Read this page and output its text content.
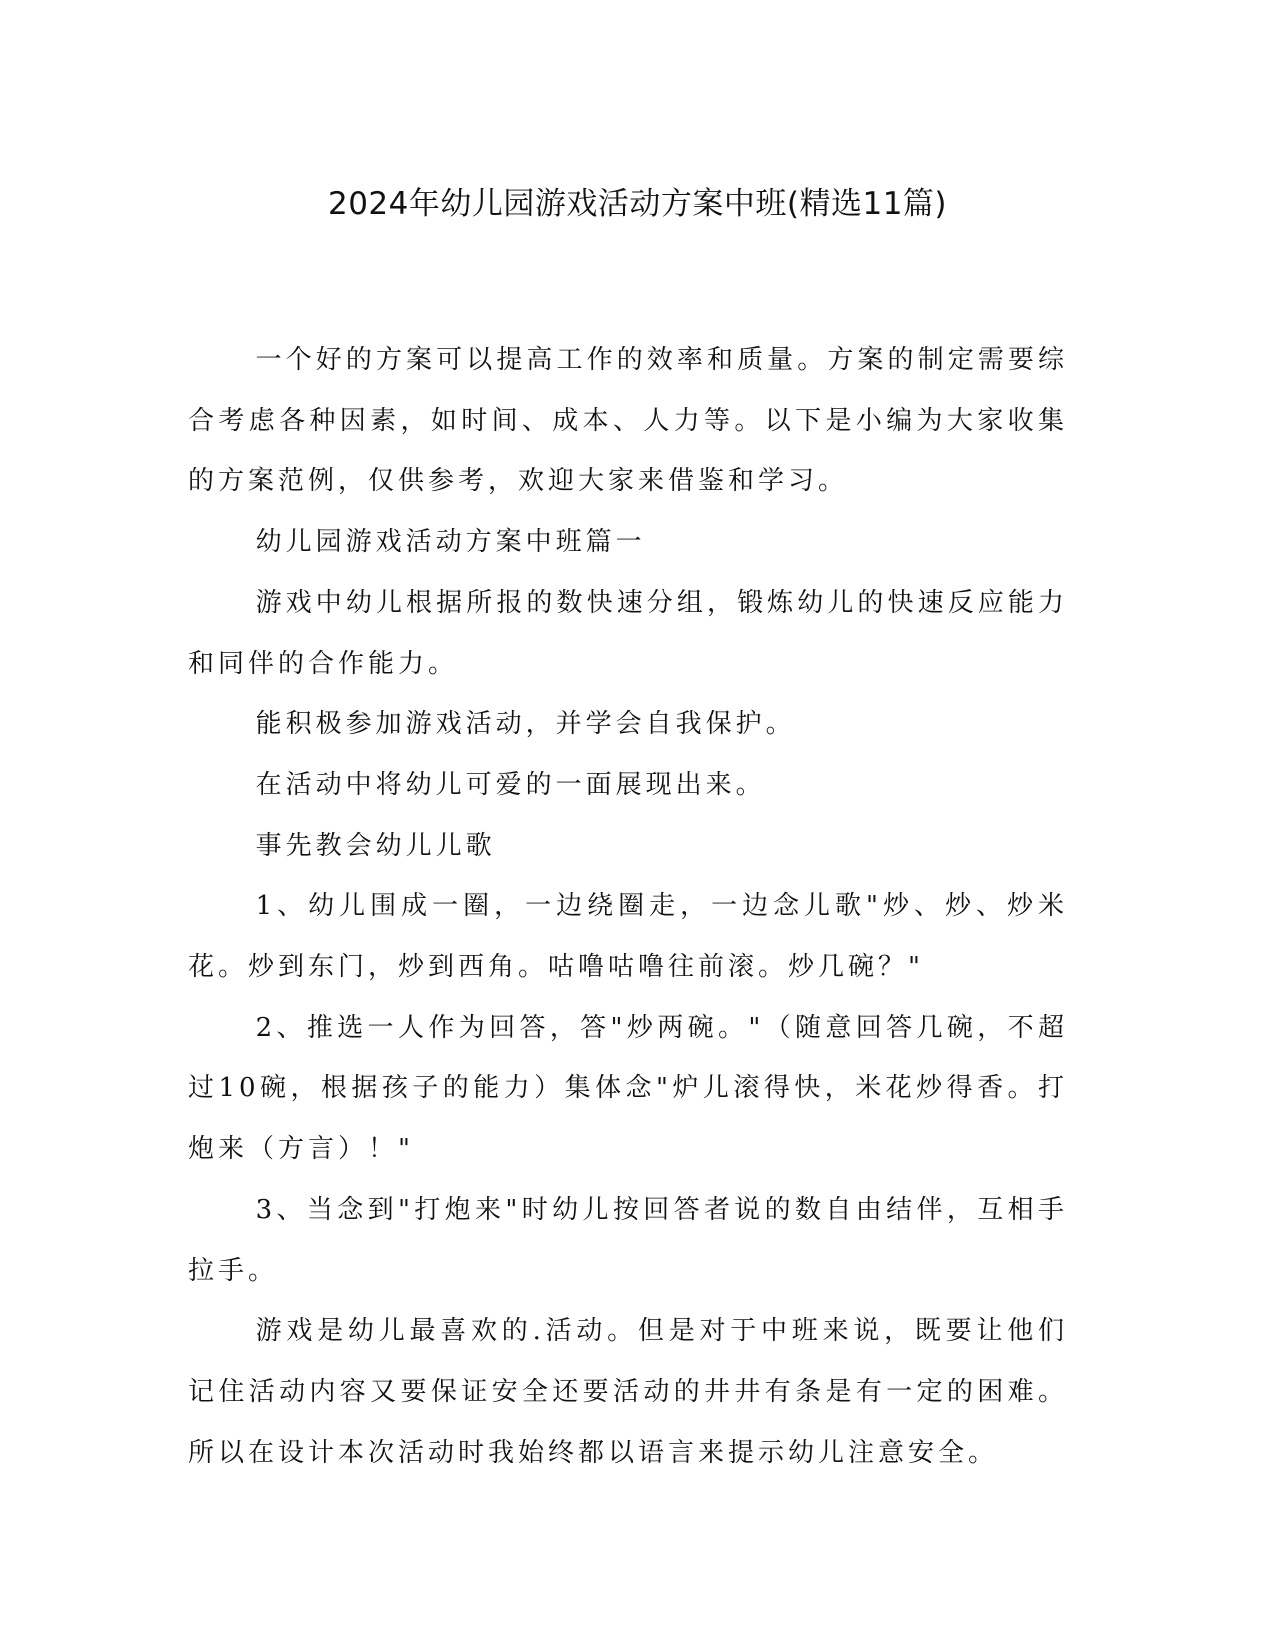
2024年幼儿园游戏活动方案中班(精选11篇)

一个好的方案可以提高工作的效率和质量。方案的制定需要综合考虑各种因素，如时间、成本、人力等。以下是小编为大家收集的方案范例，仅供参考，欢迎大家来借鉴和学习。

幼儿园游戏活动方案中班篇一

游戏中幼儿根据所报的数快速分组，锻炼幼儿的快速反应能力和同伴的合作能力。

能积极参加游戏活动，并学会自我保护。

在活动中将幼儿可爱的一面展现出来。

事先教会幼儿儿歌

1、幼儿围成一圈，一边绕圈走，一边念儿歌"炒、炒、炒米花。炒到东门，炒到西角。咕噜咕噜往前滚。炒几碗？"

2、推选一人作为回答，答"炒两碗。"（随意回答几碗，不超过10碗，根据孩子的能力）集体念"炉儿滚得快，米花炒得香。打炮来（方言）！"

3、当念到"打炮来"时幼儿按回答者说的数自由结伴，互相手拉手。

游戏是幼儿最喜欢的.活动。但是对于中班来说，既要让他们记住活动内容又要保证安全还要活动的井井有条是有一定的困难。所以在设计本次活动时我始终都以语言来提示幼儿注意安全。
